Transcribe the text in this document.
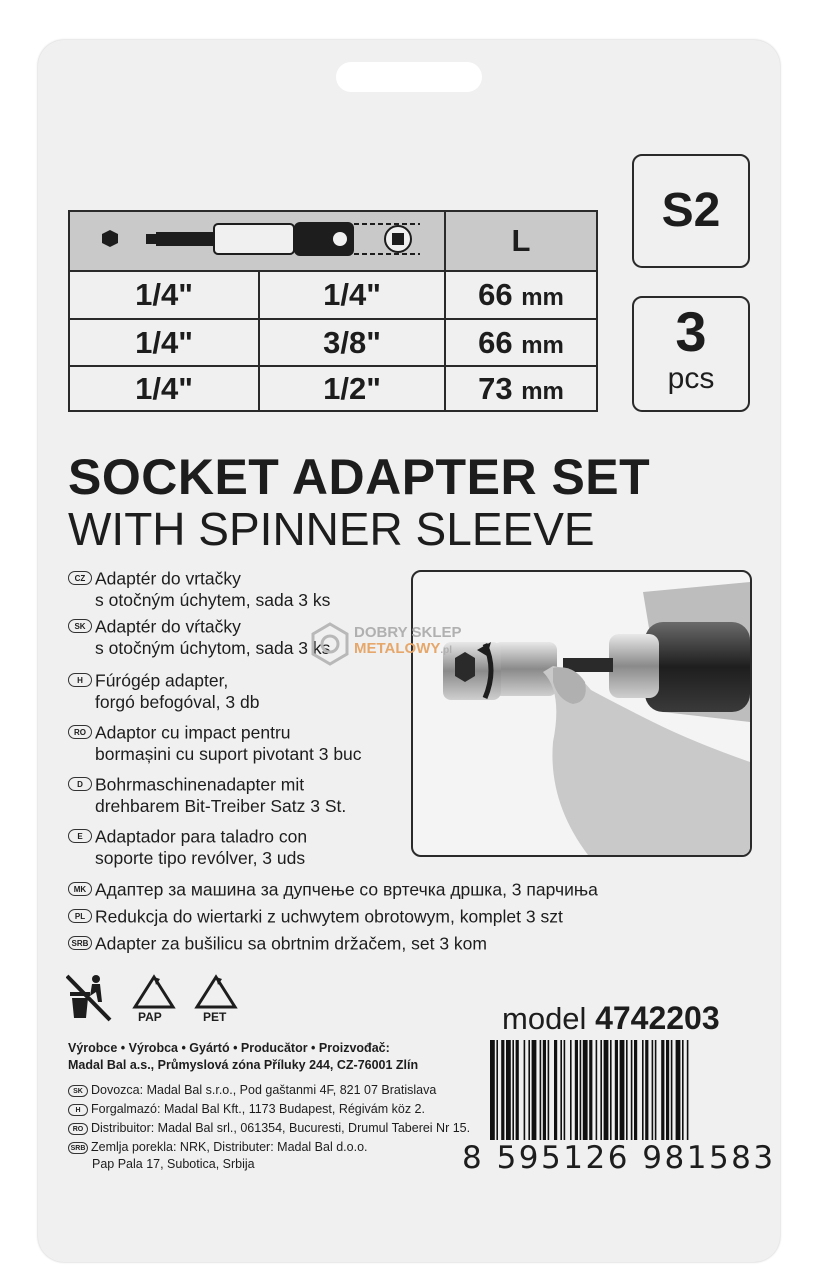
L
1/4"	1/4"	66 mm
1/4"	3/8"	66 mm
1/4"	1/2"	73 mm
S2
3
pcs
SOCKET ADAPTER SET
WITH SPINNER SLEEVE
CZ Adaptér do vrtačky
s otočným úchytem, sada 3 ks
SK Adaptér do vŕtačky
s otočným úchytom, sada 3 ks
H Fúrógép adapter,
forgó befogóval, 3 db
RO Adaptor cu impact pentru
bormașini cu suport pivotant 3 buc
D Bohrmaschinenadapter mit
drehbarem Bit-Treiber Satz 3 St.
E Adaptador para taladro con
soporte tipo revólver, 3 uds
MK Адаптер за машина за дупчење со вртечка дршка, 3 парчиња
PL Redukcja do wiertarki z uchwytem obrotowym, komplet 3 szt
SRB Adapter za bušilicu sa obrtnim držačem, set 3 kom
DOBRY SKLEP
METALOWY.pl
PAP	PET	model 4742203
Výrobce • Výrobca • Gyártó • Producător • Proizvođač:
Madal Bal a.s., Průmyslová zóna Příluky 244, CZ-76001 Zlín
SK Dovozca: Madal Bal s.r.o., Pod gaštanmi 4F, 821 07 Bratislava
H Forgalmazó: Madal Bal Kft., 1173 Budapest, Régivám köz 2.
RO Distribuitor: Madal Bal srl., 061354, Bucuresti, Drumul Taberei Nr 15.
SRB Zemlja porekla: NRK, Distributer: Madal Bal d.o.o.
Pap Pala 17, Subotica, Srbija	8 595126 981583
